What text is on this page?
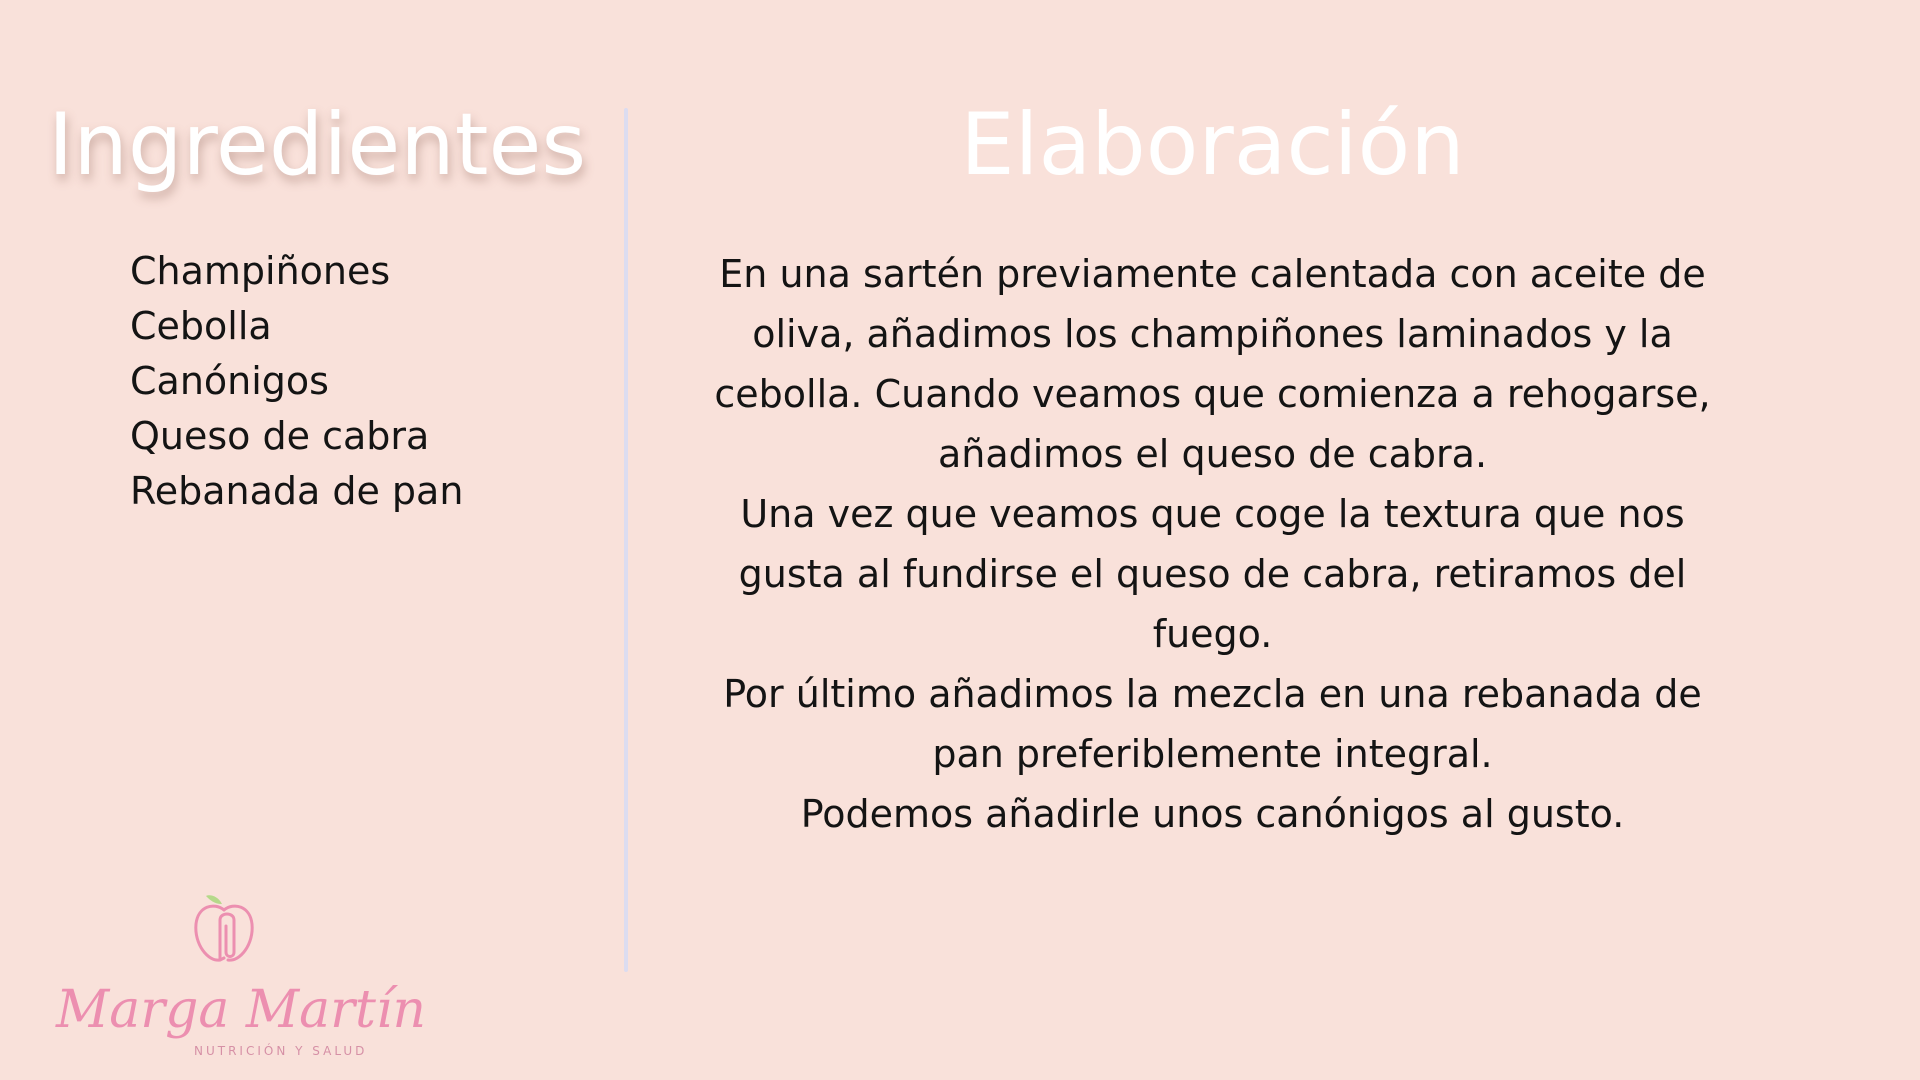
Ingredientes
Champiñones
Cebolla
Canónigos
Queso de cabra
Rebanada de pan
Elaboración

En una sartén previamente calentada con aceite de oliva, añadimos los champiñones laminados y la cebolla. Cuando veamos que comienza a rehogarse, añadimos el queso de cabra.

Una vez que veamos que coge la textura que nos gusta al fundirse el queso de cabra, retiramos del fuego.

Por último añadimos la mezcla en una rebanada de pan preferiblemente integral.

Podemos añadirle unos canónigos al gusto.

Marga Martín
NUTRICIÓN Y SALUD
